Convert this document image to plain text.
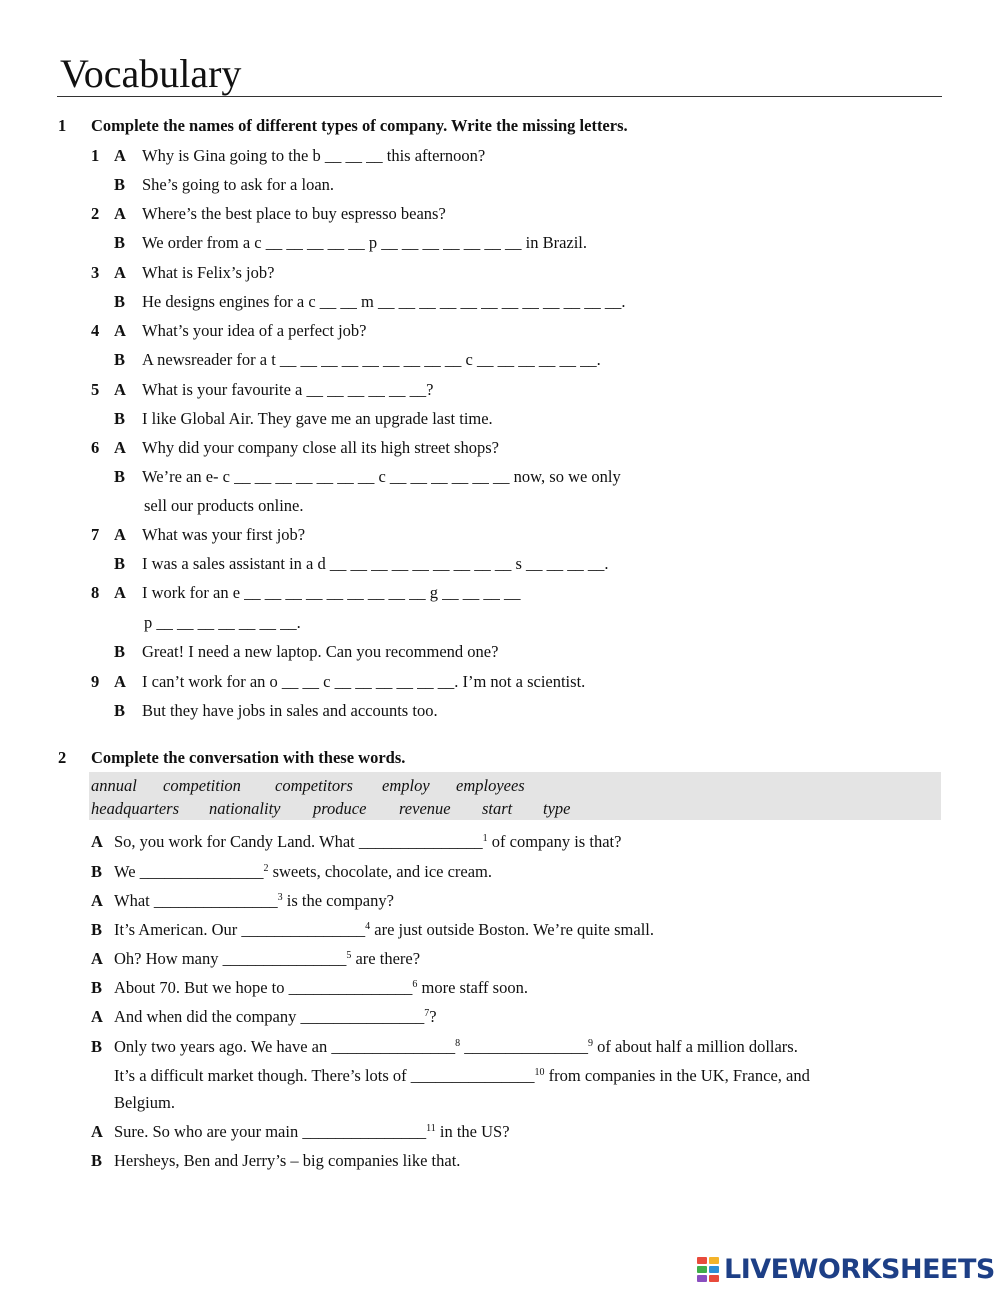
Vocabulary
1 Complete the names of different types of company. Write the missing letters.
1 A Why is Gina going to the b __ __ __ this afternoon?
B She’s going to ask for a loan.
2 A Where’s the best place to buy espresso beans?
B We order from a c __ __ __ __ __ p __ __ __ __ __ __ __ in Brazil.
3 A What is Felix’s job?
B He designs engines for a c __ __ m __ __ __ __ __ __ __ __ __ __ __ __.
4 A What’s your idea of a perfect job?
B A newsreader for a t __ __ __ __ __ __ __ __ __ c __ __ __ __ __ __.
5 A What is your favourite a __ __ __ __ __ __?
B I like Global Air. They gave me an upgrade last time.
6 A Why did your company close all its high street shops?
B We’re an e- c __ __ __ __ __ __ __ c __ __ __ __ __ __ now, so we only
sell our products online.
7 A What was your first job?
B I was a sales assistant in a d __ __ __ __ __ __ __ __ __ s __ __ __ __.
8 A I work for an e __ __ __ __ __ __ __ __ __ g __ __ __ __
p __ __ __ __ __ __ __.
B Great! I need a new laptop. Can you recommend one?
9 A I can’t work for an o __ __ c __ __ __ __ __ __. I’m not a scientist.
B But they have jobs in sales and accounts too.
2 Complete the conversation with these words.
annual competition competitors employ employees
headquarters nationality produce revenue start type
A So, you work for Candy Land. What _______________$^1$ of company is that?
B We _______________$^2$ sweets, chocolate, and ice cream.
A What _______________$^3$ is the company?
B It’s American. Our _______________$^4$ are just outside Boston. We’re quite small.
A Oh? How many _______________$^5$ are there?
B About 70. But we hope to _______________$^6$ more staff soon.
A And when did the company _______________$^7$?
B Only two years ago. We have an _______________$^8$ _______________$^9$ of about half a million dollars.
It’s a difficult market though. There’s lots of _______________$^{10}$ from companies in the UK, France, and
Belgium.
A Sure. So who are your main _______________$^{11}$ in the US?
B Hersheys, Ben and Jerry’s – big companies like that.
LIVEWORKSHEETS
